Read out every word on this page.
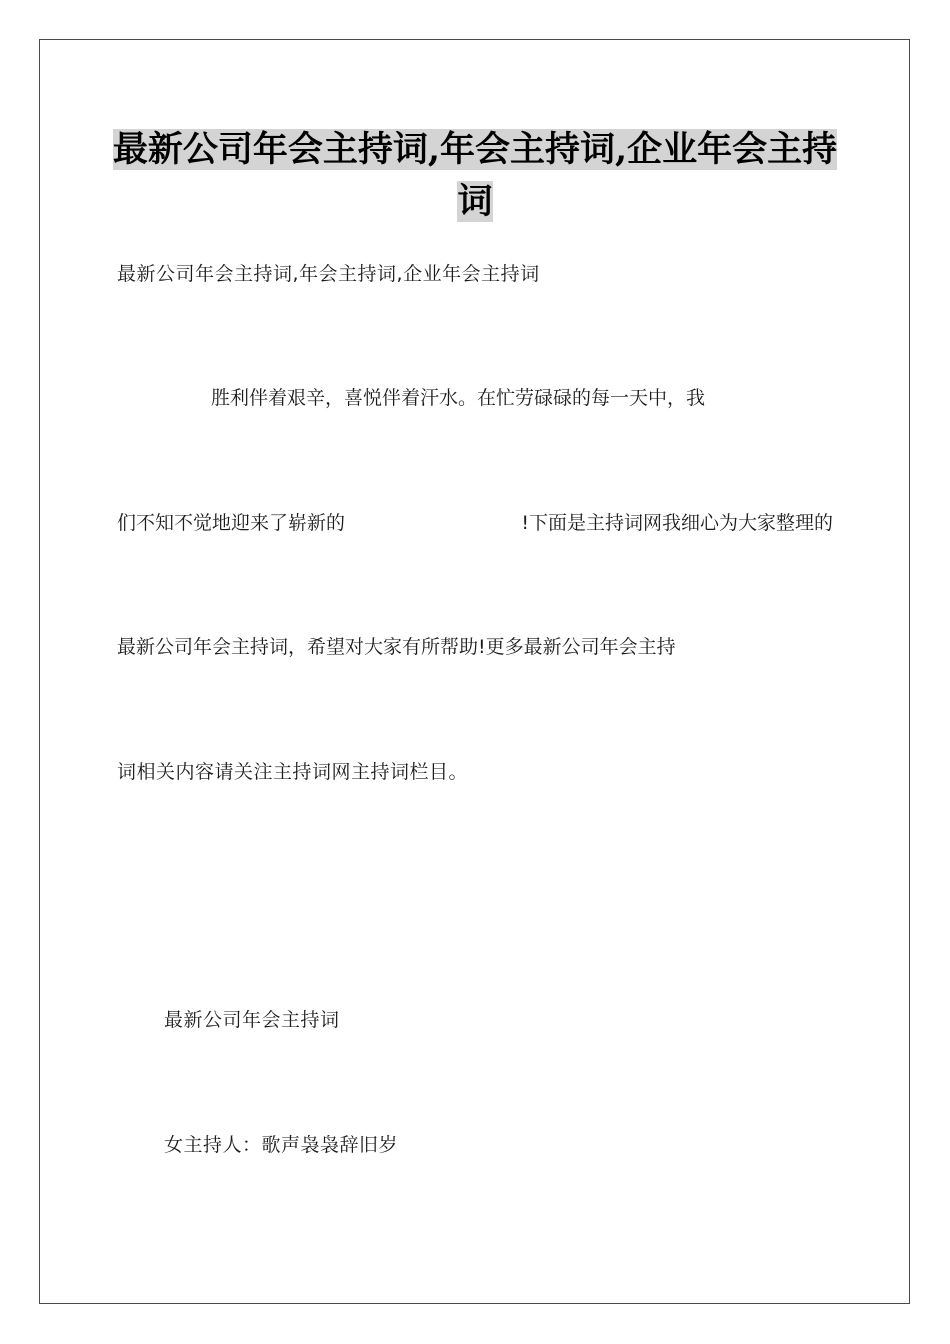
最新公司年会主持词,年会主持词,企业年会主持词
最新公司年会主持词,年会主持词,企业年会主持词
胜利伴着艰辛，喜悦伴着汗水。在忙劳碌碌的每一天中，我
们不知不觉地迎来了崭新的	!下面是主持词网我细心为大家整理的
最新公司年会主持词，希望对大家有所帮助!更多最新公司年会主持
词相关内容请关注主持词网主持词栏目。
最新公司年会主持词
女主持人：歌声袅袅辞旧岁
